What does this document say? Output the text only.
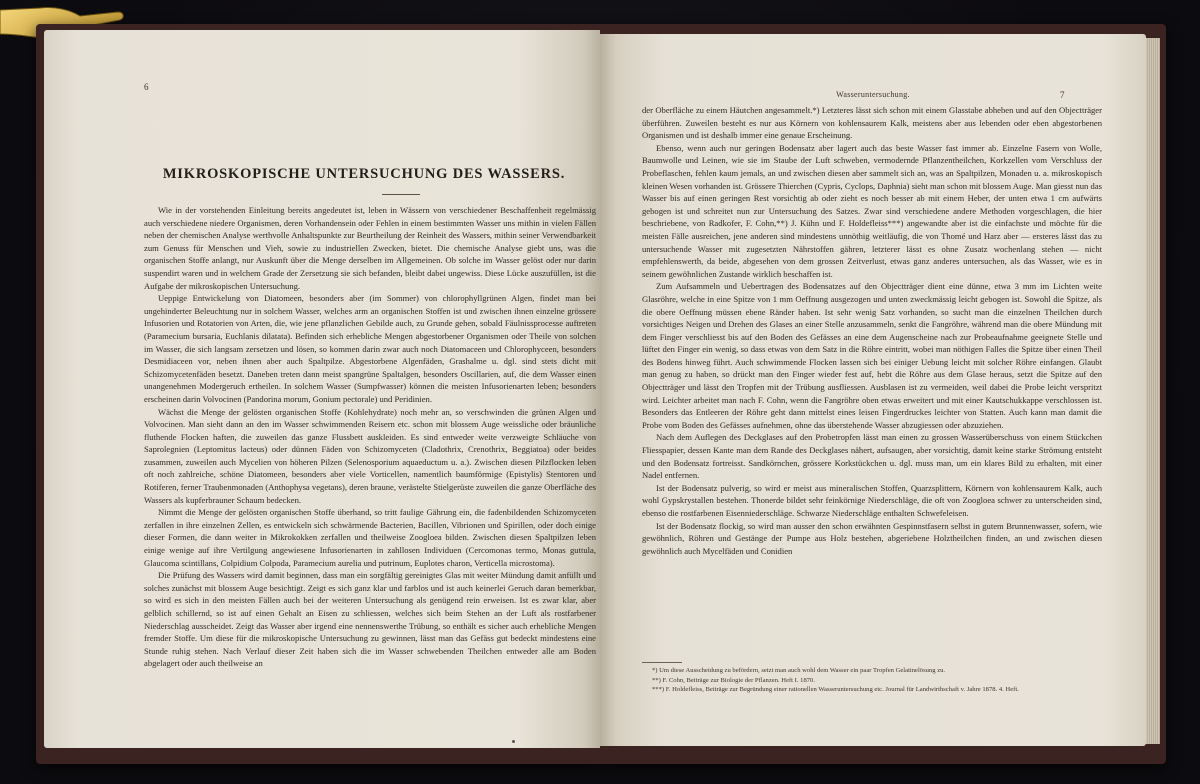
6
MIKROSKOPISCHE UNTERSUCHUNG DES WASSERS.

Wie in der vorstehenden Einleitung bereits angedeutet ist, leben in Wässern von verschiedener Beschaffenheit regelmässig auch verschiedene niedere Organismen, deren Vorhandensein oder Fehlen in einem bestimmten Wasser uns mithin in vielen Fällen neben der chemischen Analyse werthvolle Anhaltspunkte zur Beurtheilung der Reinheit des Wassers, mithin seiner Verwendbarkeit zum Genuss für Menschen und Vieh, sowie zu industriellen Zwecken, bietet. Die chemische Analyse giebt uns, was die organischen Stoffe anlangt, nur Auskunft über die Menge derselben im Allgemeinen. Ob solche im Wasser gelöst oder nur darin suspendirt waren und in welchem Grade der Zersetzung sie sich befanden, bleibt dabei ungewiss. Diese Lücke auszufüllen, ist die Aufgabe der mikroskopischen Untersuchung.

Ueppige Entwickelung von Diatomeen, besonders aber (im Sommer) von chlorophyllgrünen Algen, findet man bei ungehinderter Beleuchtung nur in solchem Wasser, welches arm an organischen Stoffen ist und zwischen ihnen einzelne grössere Infusorien und Rotatorien von Arten, die, wie jene pflanzlichen Gebilde auch, zu Grunde gehen, sobald Fäulnissprocesse auftreten (Paramecium bursaria, Euchlanis dilatata). Befinden sich erhebliche Mengen abgestorbener Organismen oder Theile von solchen im Wasser, die sich langsam zersetzen und lösen, so kommen darin zwar auch noch Diatomaceen und Chlorophyceen, besonders Desmidiaceen vor, neben ihnen aber auch Spaltpilze. Abgestorbene Algenfäden, Grashalme u. dgl. sind stets dicht mit Schizomycetenfäden besetzt. Daneben treten dann meist spangrüne Spaltalgen, besonders Oscillarien, auf, die dem Wasser einen unangenehmen Modergeruch ertheilen. In solchem Wasser (Sumpfwasser) können die meisten Infusorienarten leben; besonders erscheinen darin Volvocinen (Pandorina morum, Gonium pectorale) und Peridinien.

Wächst die Menge der gelösten organischen Stoffe (Kohlehydrate) noch mehr an, so verschwinden die grünen Algen und Volvocinen. Man sieht dann an den im Wasser schwimmenden Reisern etc. schon mit blossem Auge weissliche oder bräunliche fluthende Flocken haften, die zuweilen das ganze Flussbett auskleiden. Es sind entweder weite verzweigte Schläuche von Saprolegnien (Leptomitus lacteus) oder dünnen Fäden von Schizomyceten (Cladothrix, Crenothrix, Beggiatoa) oder beides zusammen, zuweilen auch Mycelien von höheren Pilzen (Selenosporium aquaeductum u. a.). Zwischen diesen Pilzflocken leben oft noch zahlreiche, schöne Diatomeen, besonders aber viele Vorticellen, namentlich baumförmige (Epistylis) Stentoren und Rotiferen, ferner Traubenmonaden (Anthophysa vegetans), deren braune, verästelte Stielgerüste zuweilen die ganze Oberfläche des Wassers als kupferbrauner Schaum bedecken.

Nimmt die Menge der gelösten organischen Stoffe überhand, so tritt faulige Gährung ein, die fadenbildenden Schizomyceten zerfallen in ihre einzelnen Zellen, es entwickeln sich schwärmende Bacterien, Bacillen, Vibrionen und Spirillen, oder doch einige dieser Formen, die dann weiter in Mikrokokken zerfallen und theilweise Zoogloea bilden. Zwischen diesen Spaltpilzen leben einige wenige auf ihre Vertilgung angewiesene Infusorienarten in zahllosen Individuen (Cercomonas termo, Monas guttula, Glaucoma scintillans, Colpidium Colpoda, Paramecium aurelia und putrinum, Euplotes charon, Verticella microstoma).

Die Prüfung des Wassers wird damit beginnen, dass man ein sorgfältig gereinigtes Glas mit weiter Mündung damit anfüllt und solches zunächst mit blossem Auge besichtigt. Zeigt es sich ganz klar und farblos und ist auch keinerlei Geruch daran bemerkbar, so wird es sich in den meisten Fällen auch bei der weiteren Untersuchung als genügend rein erweisen. Ist es zwar klar, aber gelblich schillernd, so ist auf einen Gehalt an Eisen zu schliessen, welches sich beim Stehen an der Luft als rostfarbener Niederschlag ausscheidet. Zeigt das Wasser aber irgend eine nennenswerthe Trübung, so enthält es sicher auch erhebliche Mengen fremder Stoffe. Um diese für die mikroskopische Untersuchung zu gewinnen, lässt man das Gefäss gut bedeckt mindestens eine Stunde ruhig stehen. Nach Verlauf dieser Zeit haben sich die im Wasser schwebenden Theilchen entweder alle am Boden abgelagert oder auch theilweise an

Wasseruntersuchung.	7

der Oberfläche zu einem Häutchen angesammelt.*) Letzteres lässt sich schon mit einem Glasstabe abheben und auf den Objectträger überführen. Zuweilen besteht es nur aus Körnern von kohlensaurem Kalk, meistens aber aus lebenden oder eben abgestorbenen Organismen und ist deshalb immer eine genaue Erscheinung.

Ebenso, wenn auch nur geringen Bodensatz aber lagert auch das beste Wasser fast immer ab. Einzelne Fasern von Wolle, Baumwolle und Leinen, wie sie im Staube der Luft schweben, vermodernde Pflanzentheilchen, Korkzellen vom Verschluss der Probeflaschen, fehlen kaum jemals, an und zwischen diesen aber sammelt sich an, was an Spaltpilzen, Monaden u. a. mikroskopisch kleinen Wesen vorhanden ist. Grössere Thierchen (Cypris, Cyclops, Daphnia) sieht man schon mit blossem Auge. Man giesst nun das Wasser bis auf einen geringen Rest vorsichtig ab oder zieht es noch besser ab mit einem Heber, der unten etwa 1 cm aufwärts gebogen ist und schreitet nun zur Untersuchung des Satzes. Zwar sind verschiedene andere Methoden vorgeschlagen, die hier beschriebene, von Radkofer, F. Cohn,**) J. Kühn und F. Holdefleiss***) angewandte aber ist die einfachste und möchte für die meisten Fälle ausreichen, jene anderen sind mindestens unnöthig weitläufig, die von Thomé und Harz aber — ersteres lässt das zu untersuchende Wasser mit zugesetzten Nährstoffen gähren, letzterer lässt es ohne Zusatz wochenlang stehen — nicht empfehlenswerth, da beide, abgesehen von dem grossen Zeitverlust, etwas ganz anderes untersuchen, als das Wasser, wie es in seinem gewöhnlichen Zustande wirklich beschaffen ist.

Zum Aufsammeln und Uebertragen des Bodensatzes auf den Objectträger dient eine dünne, etwa 3 mm im Lichten weite Glasröhre, welche in eine Spitze von 1 mm Oeffnung ausgezogen und unten zweckmässig leicht gebogen ist. Sowohl die Spitze, als die obere Oeffnung müssen ebene Ränder haben. Ist sehr wenig Satz vorhanden, so sucht man die einzelnen Theilchen durch vorsichtiges Neigen und Drehen des Glases an einer Stelle anzusammeln, senkt die Fangröhre, während man die obere Mündung mit dem Finger verschliesst bis auf den Boden des Gefässes an eine dem Augenscheine nach zur Probeaufnahme geeignete Stelle und lüftet den Finger ein wenig, so dass etwas von dem Satz in die Röhre eintritt, wobei man nöthigen Falles die Spitze über einen Theil des Bodens hinweg führt. Auch schwimmende Flocken lassen sich bei einiger Uebung leicht mit solcher Röhre einfangen. Glaubt man genug zu haben, so drückt man den Finger wieder fest auf, hebt die Röhre aus dem Glase heraus, setzt die Spitze auf den Objectträger und lässt den Tropfen mit der Trübung ausfliessen. Ausblasen ist zu vermeiden, weil dabei die Probe leicht verspritzt wird. Leichter arbeitet man nach F. Cohn, wenn die Fangröhre oben etwas erweitert und mit einer Kautschukkappe verschlossen ist. Besonders das Entleeren der Röhre geht dann mittelst eines leisen Fingerdruckes leichter von Statten. Auch kann man damit die Probe vom Boden des Gefässes aufnehmen, ohne das überstehende Wasser abzugiessen oder abzuziehen.

Nach dem Auflegen des Deckglases auf den Probetropfen lässt man einen zu grossen Wasserüberschuss von einem Stückchen Fliesspapier, dessen Kante man dem Rande des Deckglases nähert, aufsaugen, aber vorsichtig, damit keine starke Strömung entsteht und den Bodensatz fortreisst. Sandkörnchen, grössere Korkstückchen u. dgl. muss man, um ein klares Bild zu erhalten, mit einer Nadel entfernen.

Ist der Bodensatz pulverig, so wird er meist aus mineralischen Stoffen, Quarzsplittern, Körnern von kohlensaurem Kalk, auch wohl Gypskrystallen bestehen. Thonerde bildet sehr feinkörnige Niederschläge, die oft von Zoogloea schwer zu unterscheiden sind, ebenso die rostfarbenen Eisenniederschläge. Schwarze Niederschläge enthalten Schwefeleisen.

Ist der Bodensatz flockig, so wird man ausser den schon erwähnten Gespinnstfasern selbst in gutem Brunnenwasser, sofern, wie gewöhnlich, Röhren und Gestänge der Pumpe aus Holz bestehen, abgeriebene Holztheilchen finden, an und zwischen diesen gewöhnlich auch Mycelfäden und Conidien

*) Um diese Ausscheidung zu befördern, setzt man auch wohl dem Wasser ein paar Tropfen Gelatinelösung zu.
**) F. Cohn, Beiträge zur Biologie der Pflanzen. Heft I. 1870.
***) F. Holdefleiss, Beiträge zur Begründung einer rationellen Wasseruntersuchung etc. Journal für Landwirthschaft v. Jahre 1878. 4. Heft.
